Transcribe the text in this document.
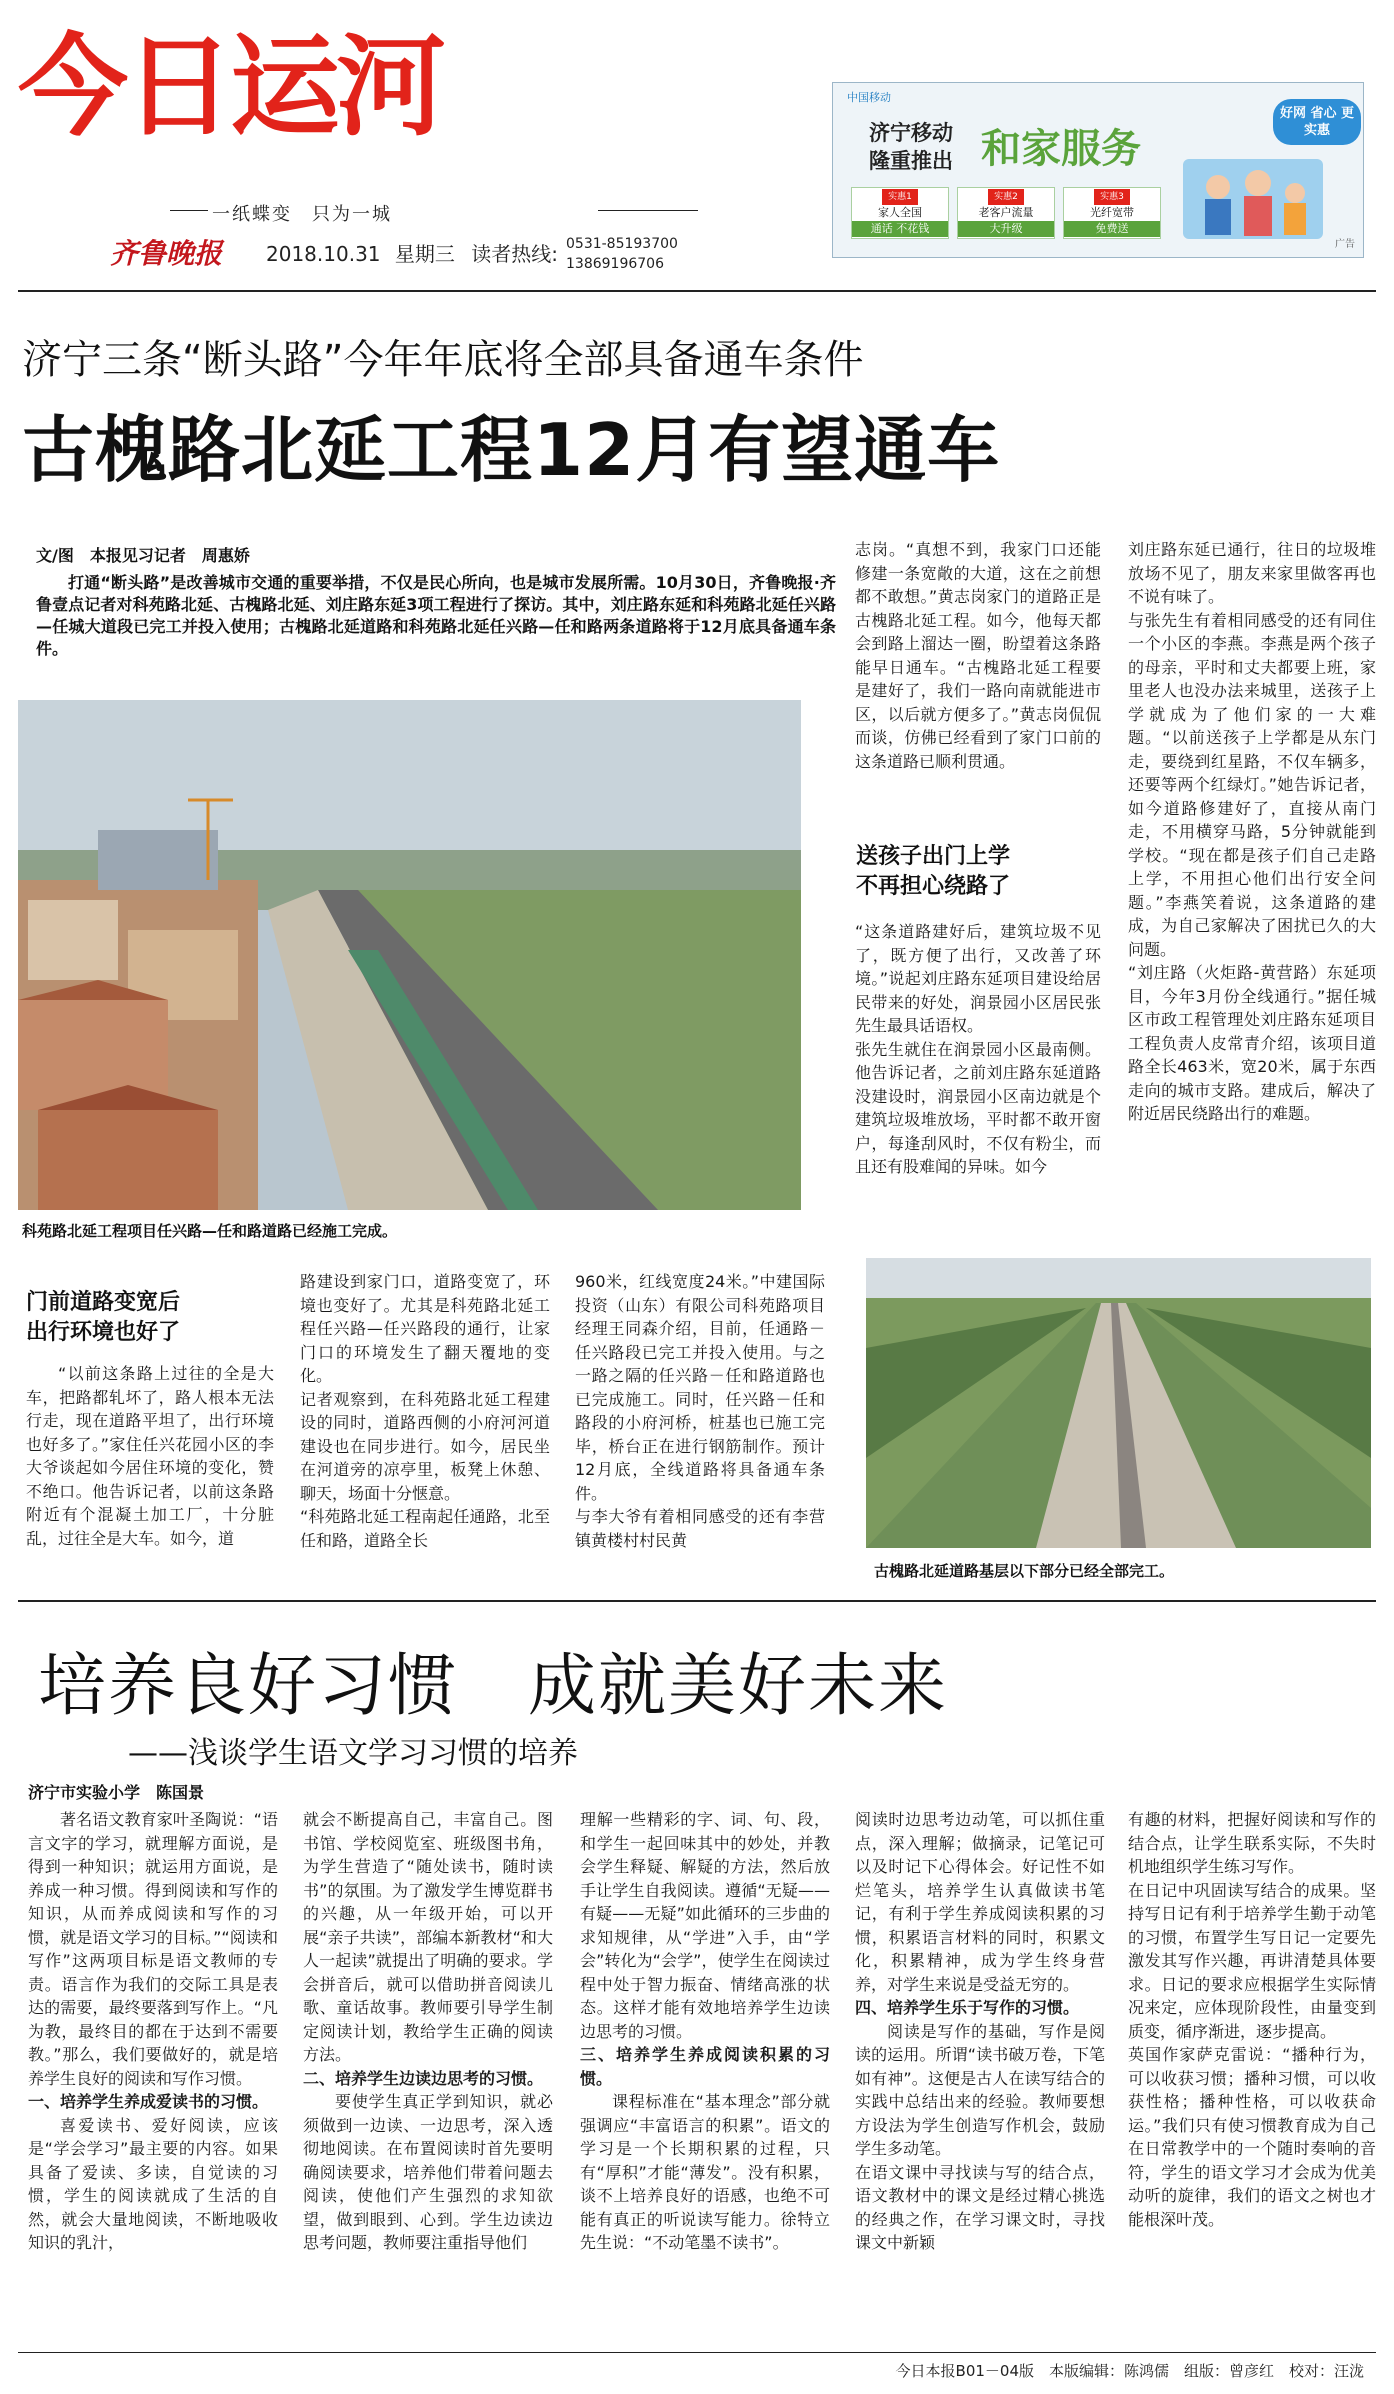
今日运河
一纸蝶变　只为一城
齐鲁晚报 2018.10.31 星期三 读者热线: 0531-85193700
13869196706
中国移动
济宁移动
隆重推出 和家服务
好网 省心 更实惠
实惠1
家人全国
通话 不花钱
实惠2
老客户流量
大升级
实惠3
光纤宽带
免费送
广告
济宁三条“断头路”今年年底将全部具备通车条件
古槐路北延工程12月有望通车
文/图　本报见习记者　周惠娇
打通“断头路”是改善城市交通的重要举措，不仅是民心所向，也是城市发展所需。10月30日，齐鲁晚报·齐鲁壹点记者对科苑路北延、古槐路北延、刘庄路东延3项工程进行了探访。其中，刘庄路东延和科苑路北延任兴路—任城大道段已完工并投入使用；古槐路北延道路和科苑路北延任兴路—任和路两条道路将于12月底具备通车条件。
科苑路北延工程项目任兴路—任和路道路已经施工完成。
志岗。“真想不到，我家门口还能修建一条宽敞的大道，这在之前想都不敢想。”黄志岗家门的道路正是古槐路北延工程。如今，他每天都会到路上溜达一圈，盼望着这条路能早日通车。“古槐路北延工程要是建好了，我们一路向南就能进市区，以后就方便多了。”黄志岗侃侃而谈，仿佛已经看到了家门口前的这条道路已顺利贯通。
送孩子出门上学
不再担心绕路了
“这条道路建好后，建筑垃圾不见了，既方便了出行，又改善了环境。”说起刘庄路东延项目建设给居民带来的好处，润景园小区居民张先生最具话语权。
张先生就住在润景园小区最南侧。他告诉记者，之前刘庄路东延道路没建设时，润景园小区南边就是个建筑垃圾堆放场，平时都不敢开窗户，每逢刮风时，不仅有粉尘，而且还有股难闻的异味。如今
刘庄路东延已通行，往日的垃圾堆放场不见了，朋友来家里做客再也不说有味了。
与张先生有着相同感受的还有同住一个小区的李燕。李燕是两个孩子的母亲，平时和丈夫都要上班，家里老人也没办法来城里，送孩子上学就成为了他们家的一大难题。“以前送孩子上学都是从东门走，要绕到红星路，不仅车辆多，还要等两个红绿灯。”她告诉记者，如今道路修建好了，直接从南门走，不用横穿马路，5分钟就能到学校。“现在都是孩子们自己走路上学，不用担心他们出行安全问题。”李燕笑着说，这条道路的建成，为自己家解决了困扰已久的大问题。
“刘庄路（火炬路-黄营路）东延项目，今年3月份全线通行。”据任城区市政工程管理处刘庄路东延项目工程负责人皮常青介绍，该项目道路全长463米，宽20米，属于东西走向的城市支路。建成后，解决了附近居民绕路出行的难题。
门前道路变宽后
出行环境也好了
“以前这条路上过往的全是大车，把路都轧坏了，路人根本无法行走，现在道路平坦了，出行环境也好多了。”家住任兴花园小区的李大爷谈起如今居住环境的变化，赞不绝口。他告诉记者，以前这条路附近有个混凝土加工厂，十分脏乱，过往全是大车。如今，道
路建设到家门口，道路变宽了，环境也变好了。尤其是科苑路北延工程任兴路—任兴路段的通行，让家门口的环境发生了翻天覆地的变化。
记者观察到，在科苑路北延工程建设的同时，道路西侧的小府河河道建设也在同步进行。如今，居民坐在河道旁的凉亭里，板凳上休憩、聊天，场面十分惬意。
“科苑路北延工程南起任通路，北至任和路，道路全长
960米，红线宽度24米。”中建国际投资（山东）有限公司科苑路项目经理王同森介绍，目前，任通路－任兴路段已完工并投入使用。与之一路之隔的任兴路－任和路道路也已完成施工。同时，任兴路－任和路段的小府河桥，桩基也已施工完毕，桥台正在进行钢筋制作。预计12月底，全线道路将具备通车条件。
与李大爷有着相同感受的还有李营镇黄楼村村民黄
古槐路北延道路基层以下部分已经全部完工。
培养良好习惯　成就美好未来
——浅谈学生语文学习习惯的培养
济宁市实验小学　陈国景

著名语文教育家叶圣陶说：“语言文字的学习，就理解方面说，是得到一种知识；就运用方面说，是养成一种习惯。得到阅读和写作的知识，从而养成阅读和写作的习惯，就是语文学习的目标。”“阅读和写作”这两项目标是语文教师的专责。语言作为我们的交际工具是表达的需要，最终要落到写作上。“凡为教，最终目的都在于达到不需要教。”那么，我们要做好的，就是培养学生良好的阅读和写作习惯。

一、培养学生养成爱读书的习惯。

喜爱读书、爱好阅读，应该是“学会学习”最主要的内容。如果具备了爱读、多读，自觉读的习惯，学生的阅读就成了生活的自然，就会大量地阅读，不断地吸收知识的乳汁，

就会不断提高自己，丰富自己。图书馆、学校阅览室、班级图书角，为学生营造了“随处读书，随时读书”的氛围。为了激发学生博览群书的兴趣，从一年级开始，可以开展“亲子共读”，部编本新教材“和大人一起读”就提出了明确的要求。学会拼音后，就可以借助拼音阅读儿歌、童话故事。教师要引导学生制定阅读计划，教给学生正确的阅读方法。

二、培养学生边读边思考的习惯。

要使学生真正学到知识，就必须做到一边读、一边思考，深入透彻地阅读。在布置阅读时首先要明确阅读要求，培养他们带着问题去阅读，使他们产生强烈的求知欲望，做到眼到、心到。学生边读边思考问题，教师要注重指导他们

理解一些精彩的字、词、句、段，和学生一起回味其中的妙处，并教会学生释疑、解疑的方法，然后放手让学生自我阅读。遵循“无疑——有疑——无疑”如此循环的三步曲的求知规律，从“学进”入手，由“学会”转化为“会学”，使学生在阅读过程中处于智力振奋、情绪高涨的状态。这样才能有效地培养学生边读边思考的习惯。

三、培养学生养成阅读积累的习惯。

课程标准在“基本理念”部分就强调应“丰富语言的积累”。语文的学习是一个长期积累的过程，只有“厚积”才能“薄发”。没有积累，谈不上培养良好的语感，也绝不可能有真正的听说读写能力。徐特立先生说：“不动笔墨不读书”。

阅读时边思考边动笔，可以抓住重点，深入理解；做摘录，记笔记可以及时记下心得体会。好记性不如烂笔头，培养学生认真做读书笔记，有利于学生养成阅读积累的习惯，积累语言材料的同时，积累文化，积累精神，成为学生终身营养，对学生来说是受益无穷的。

四、培养学生乐于写作的习惯。

阅读是写作的基础，写作是阅读的运用。所谓“读书破万卷，下笔如有神”。这便是古人在读写结合的实践中总结出来的经验。教师要想方设法为学生创造写作机会，鼓励学生多动笔。
在语文课中寻找读与写的结合点，语文教材中的课文是经过精心挑选的经典之作，在学习课文时，寻找课文中新颖

有趣的材料，把握好阅读和写作的结合点，让学生联系实际，不失时机地组织学生练习写作。
在日记中巩固读写结合的成果。坚持写日记有利于培养学生勤于动笔的习惯，布置学生写日记一定要先激发其写作兴趣，再讲清楚具体要求。日记的要求应根据学生实际情况来定，应体现阶段性，由量变到质变，循序渐进，逐步提高。
英国作家萨克雷说：“播种行为，可以收获习惯；播种习惯，可以收获性格；播种性格，可以收获命运。”我们只有使习惯教育成为自己在日常教学中的一个随时奏响的音符，学生的语文学习才会成为优美动听的旋律，我们的语文之树也才能根深叶茂。

今日本报B01－04版　本版编辑：陈鸿儒　组版：曾彦红　校对：汪泷
